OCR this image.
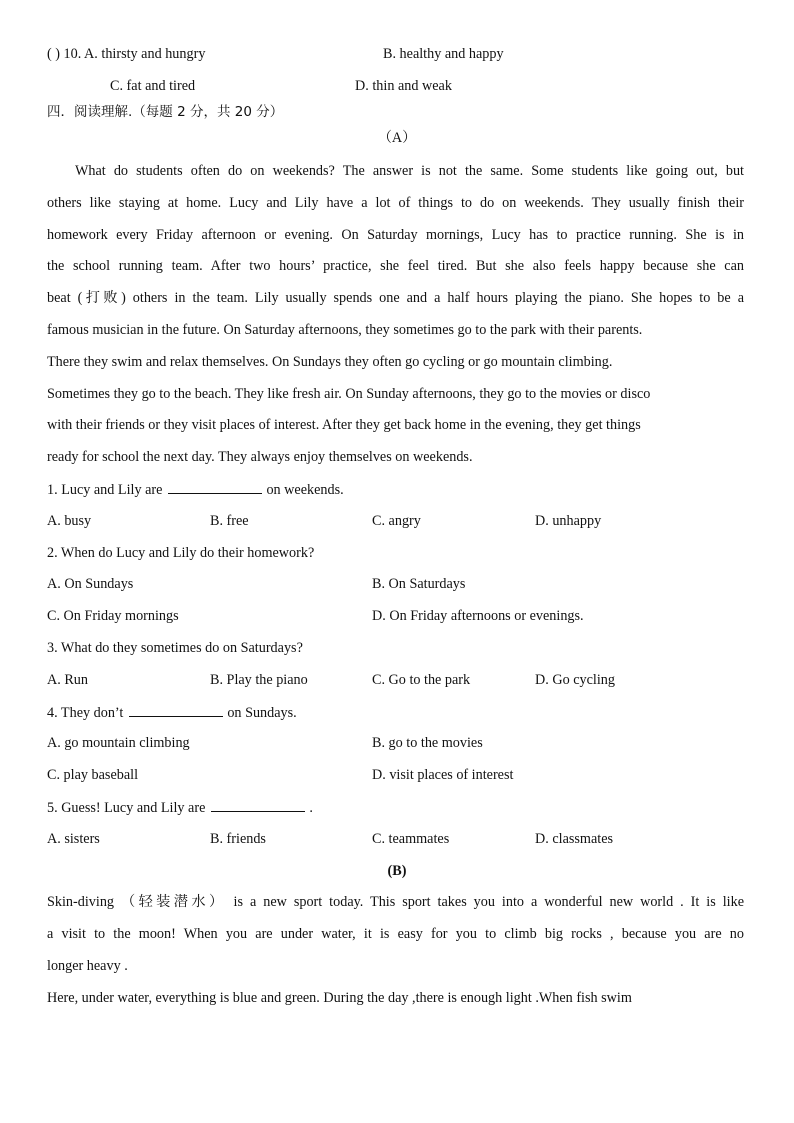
( ) 10. A. thirsty and hungry	B. healthy and happy
C. fat and tired	D. thin and weak
四．阅读理解.（每题 2 分，共 20 分）
（A）
What do students often do on weekends? The answer is not the same. Some students like going out, but
others like staying at home. Lucy and Lily have a lot of things to do on weekends. They usually finish their
homework every Friday afternoon or evening. On Saturday mornings, Lucy has to practice running. She is in
the school running team. After two hours’ practice, she feel tired. But she also feels happy because she can
beat (打败) others in the team. Lily usually spends one and a half hours playing the piano. She hopes to be a
famous musician in the future. On Saturday afternoons, they sometimes go to the park with their parents.
There they swim and relax themselves. On Sundays they often go cycling or go mountain climbing.
Sometimes they go to the beach. They like fresh air. On Sunday afternoons, they go to the movies or disco
with their friends or they visit places of interest. After they get back home in the evening, they get things
ready for school the next day. They always enjoy themselves on weekends.
1. Lucy and Lily are	on weekends.
A. busy	B. free	C. angry	D. unhappy
2. When do Lucy and Lily do their homework?
A. On Sundays	B. On Saturdays
C. On Friday mornings	D. On Friday afternoons or evenings.
3. What do they sometimes do on Saturdays?
A. Run	B. Play the piano	C. Go to the park	D. Go cycling
4. They don’t	on Sundays.
A. go mountain climbing	B. go to the movies
C. play baseball	D. visit places of interest
5. Guess! Lucy and Lily are	.
A. sisters	B. friends	C. teammates	D. classmates
(B)
Skin-diving （轻装潜水） is a new sport today. This sport takes you into a wonderful new world . It is like
a visit to the moon! When you are under water, it is easy for you to climb big rocks , because you are no
longer heavy .
Here, under water, everything is blue and green. During the day ,there is enough light .When fish swim
